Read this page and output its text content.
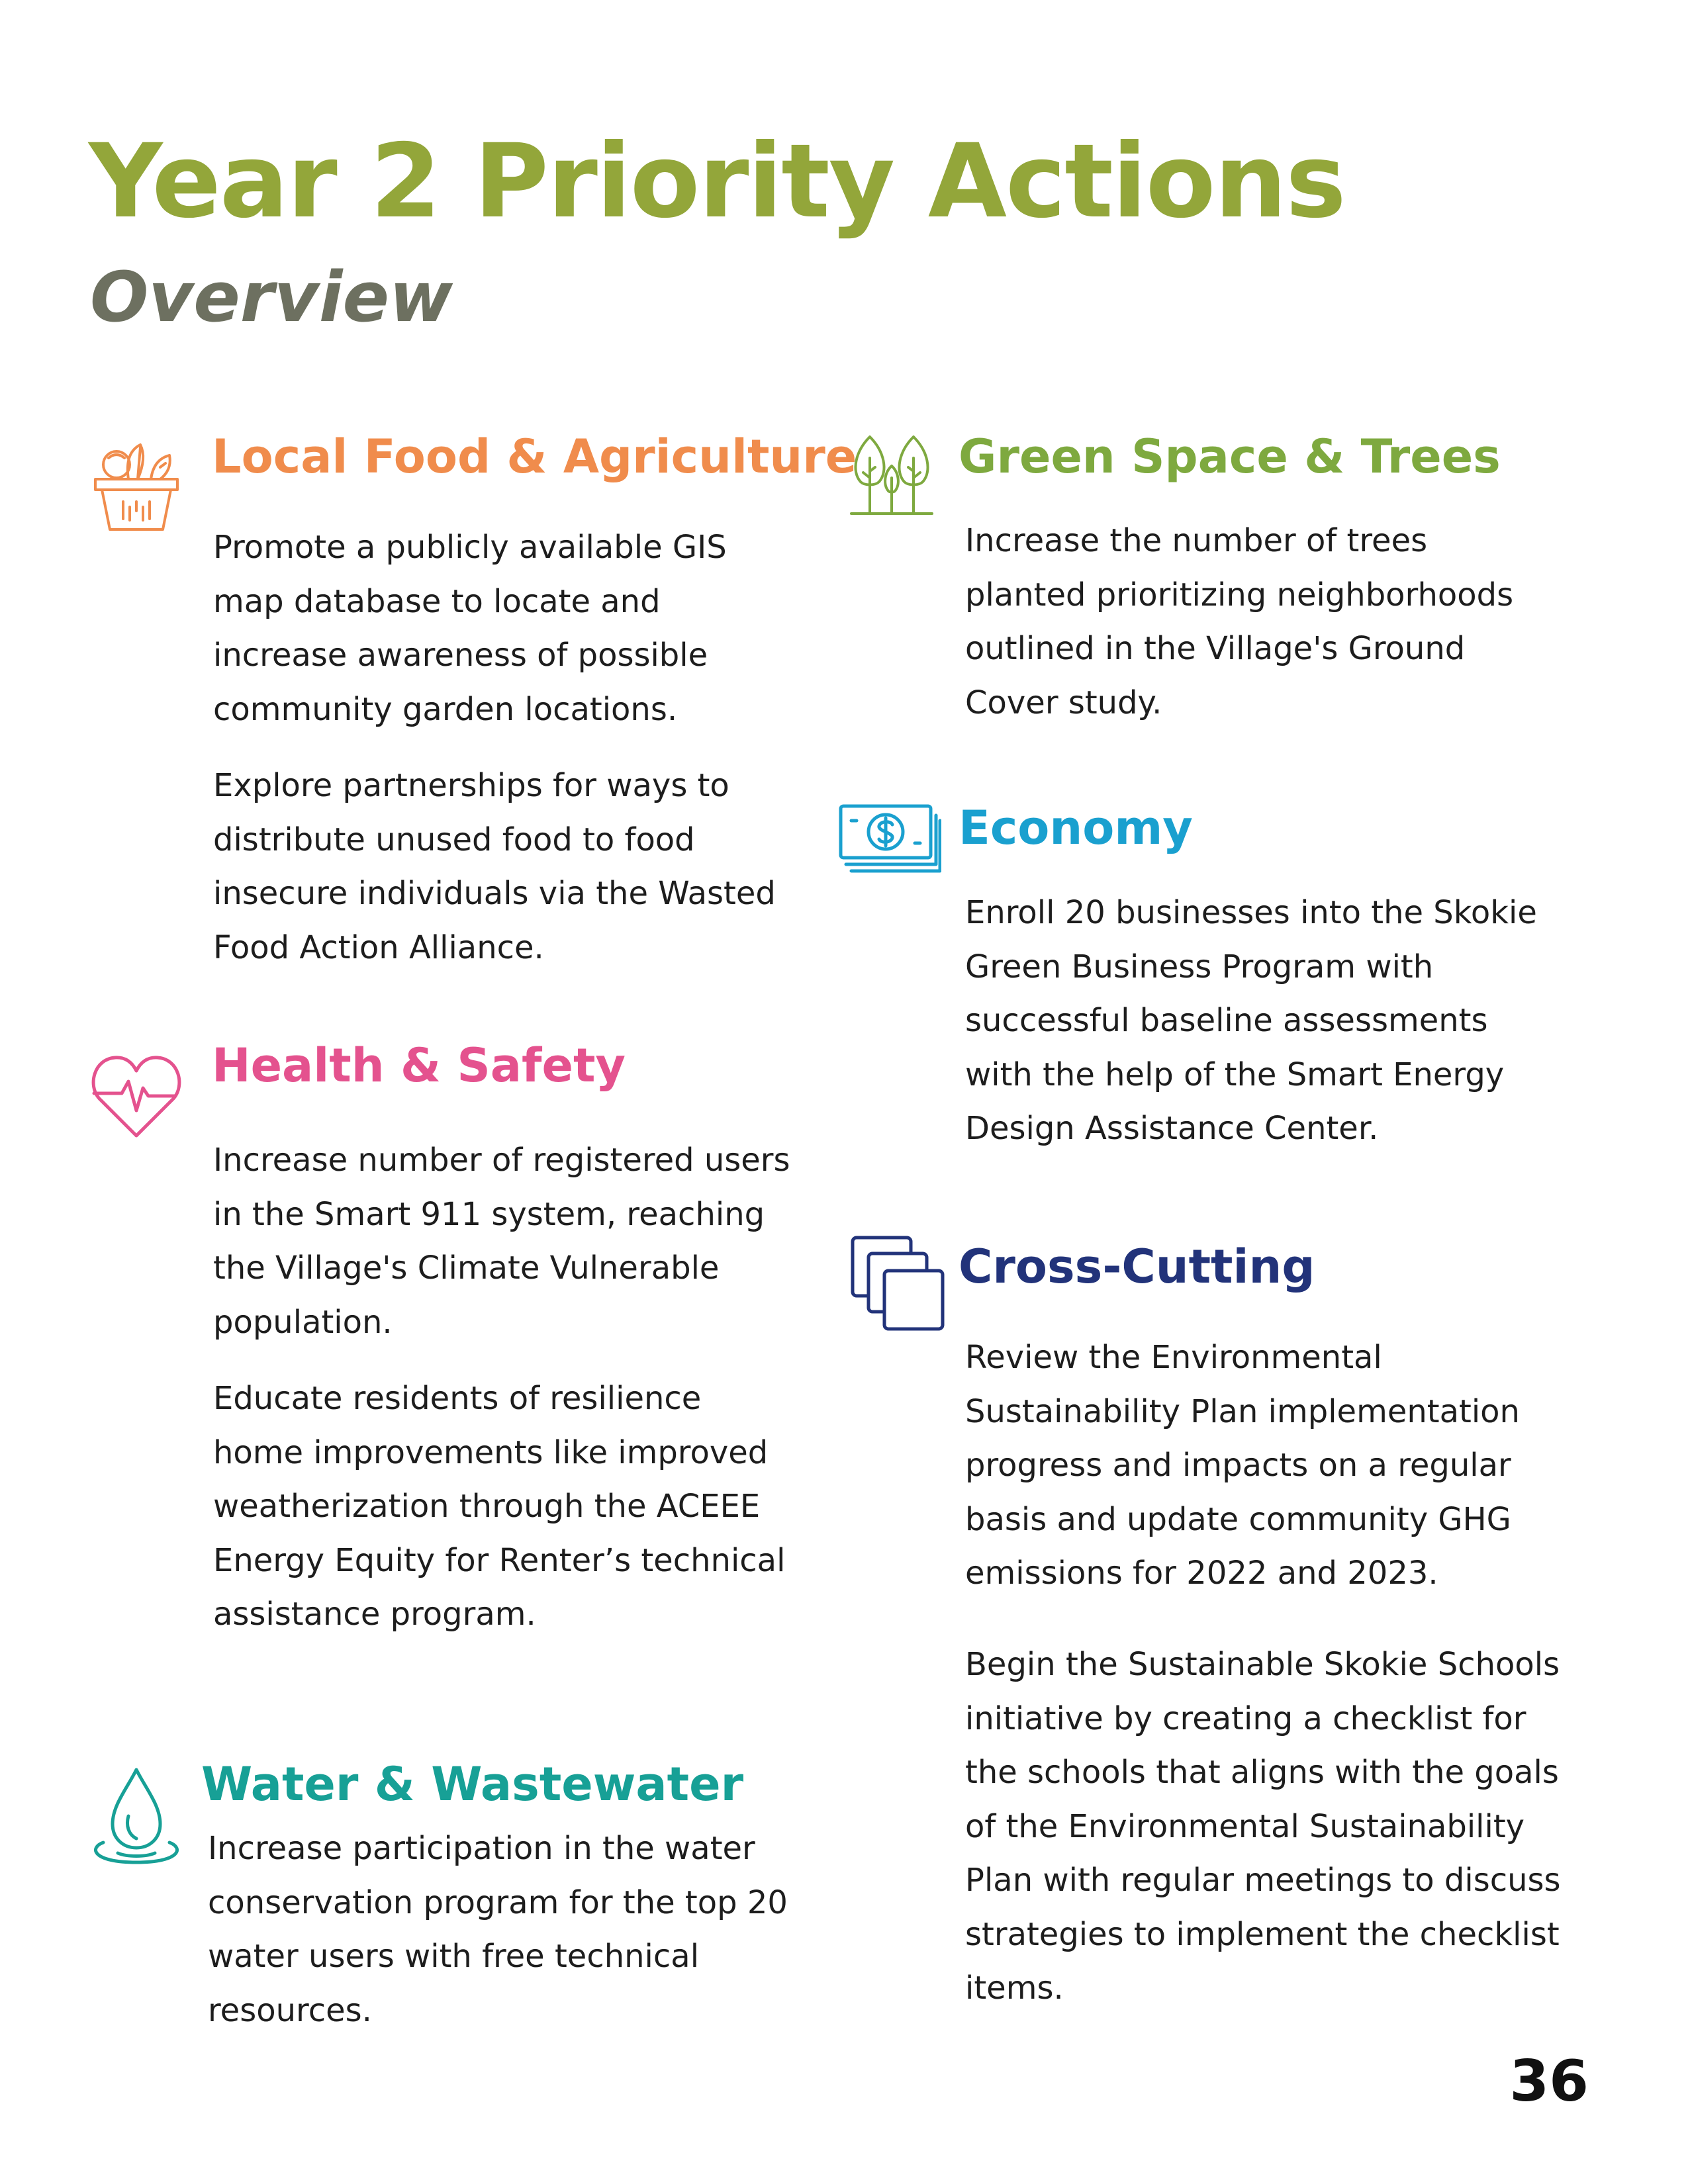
Year 2 Priority Actions
Overview
Local Food & Agriculture

Promote a publicly available GIS
map database to locate and
increase awareness of possible
community garden locations.

Explore partnerships for ways to
distribute unused food to food
insecure individuals via the Wasted
Food Action Alliance.

Health & Safety

Increase number of registered users
in the Smart 911 system, reaching
the Village's Climate Vulnerable
population.

Educate residents of resilience
home improvements like improved
weatherization through the ACEEE
Energy Equity for Renter’s technical
assistance program.

Water & Wastewater

Increase participation in the water
conservation program for the top 20
water users with free technical
resources.

Green Space & Trees

Increase the number of trees
planted prioritizing neighborhoods
outlined in the Village's Ground
Cover study.

Economy

Enroll 20 businesses into the Skokie
Green Business Program with
successful baseline assessments
with the help of the Smart Energy
Design Assistance Center.

Cross-Cutting

Review the Environmental
Sustainability Plan implementation
progress and impacts on a regular
basis and update community GHG
emissions for 2022 and 2023.

Begin the Sustainable Skokie Schools
initiative by creating a checklist for
the schools that aligns with the goals
of the Environmental Sustainability
Plan with regular meetings to discuss
strategies to implement the checklist
items.

36
